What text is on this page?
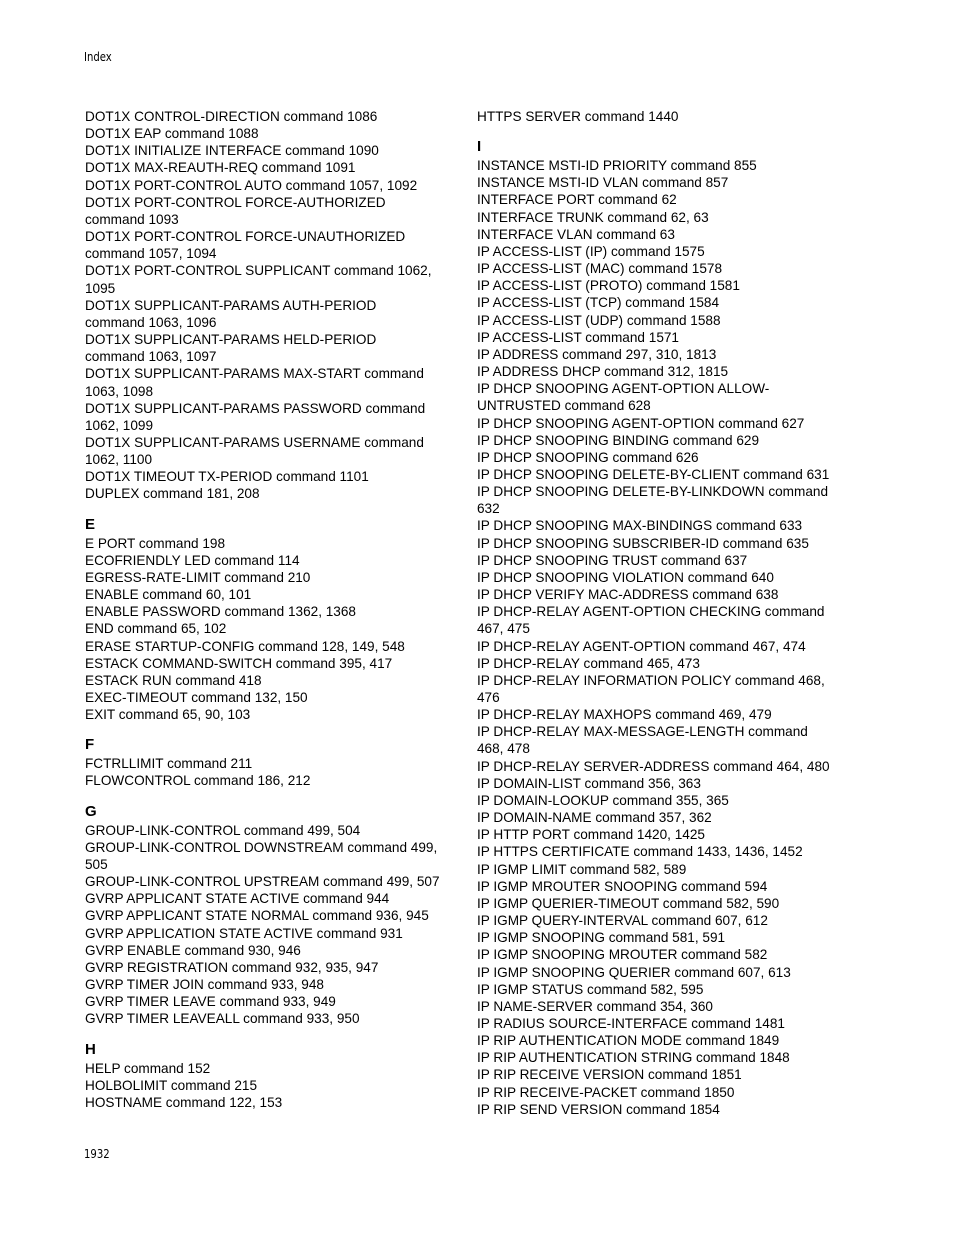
Index
DOT1X CONTROL-DIRECTION command 1086
DOT1X EAP command 1088
DOT1X INITIALIZE INTERFACE command 1090
DOT1X MAX-REAUTH-REQ command 1091
DOT1X PORT-CONTROL AUTO command 1057, 1092
DOT1X PORT-CONTROL FORCE-AUTHORIZED
command 1093
DOT1X PORT-CONTROL FORCE-UNAUTHORIZED
command 1057, 1094
DOT1X PORT-CONTROL SUPPLICANT command 1062,
1095
DOT1X SUPPLICANT-PARAMS AUTH-PERIOD
command 1063, 1096
DOT1X SUPPLICANT-PARAMS HELD-PERIOD
command 1063, 1097
DOT1X SUPPLICANT-PARAMS MAX-START command
1063, 1098
DOT1X SUPPLICANT-PARAMS PASSWORD command
1062, 1099
DOT1X SUPPLICANT-PARAMS USERNAME command
1062, 1100
DOT1X TIMEOUT TX-PERIOD command 1101
DUPLEX command 181, 208
E
E PORT command 198
ECOFRIENDLY LED command 114
EGRESS-RATE-LIMIT command 210
ENABLE command 60, 101
ENABLE PASSWORD command 1362, 1368
END command 65, 102
ERASE STARTUP-CONFIG command 128, 149, 548
ESTACK COMMAND-SWITCH command 395, 417
ESTACK RUN command 418
EXEC-TIMEOUT command 132, 150
EXIT command 65, 90, 103
F
FCTRLLIMIT command 211
FLOWCONTROL command 186, 212
G
GROUP-LINK-CONTROL command 499, 504
GROUP-LINK-CONTROL DOWNSTREAM command 499,
505
GROUP-LINK-CONTROL UPSTREAM command 499, 507
GVRP APPLICANT STATE ACTIVE command 944
GVRP APPLICANT STATE NORMAL command 936, 945
GVRP APPLICATION STATE ACTIVE command 931
GVRP ENABLE command 930, 946
GVRP REGISTRATION command 932, 935, 947
GVRP TIMER JOIN command 933, 948
GVRP TIMER LEAVE command 933, 949
GVRP TIMER LEAVEALL command 933, 950
H
HELP command 152
HOLBOLIMIT command 215
HOSTNAME command 122, 153
HTTPS SERVER command 1440
I
INSTANCE MSTI-ID PRIORITY command 855
INSTANCE MSTI-ID VLAN command 857
INTERFACE PORT command 62
INTERFACE TRUNK command 62, 63
INTERFACE VLAN command 63
IP ACCESS-LIST (IP) command 1575
IP ACCESS-LIST (MAC) command 1578
IP ACCESS-LIST (PROTO) command 1581
IP ACCESS-LIST (TCP) command 1584
IP ACCESS-LIST (UDP) command 1588
IP ACCESS-LIST command 1571
IP ADDRESS command 297, 310, 1813
IP ADDRESS DHCP command 312, 1815
IP DHCP SNOOPING AGENT-OPTION ALLOW-
UNTRUSTED command 628
IP DHCP SNOOPING AGENT-OPTION command 627
IP DHCP SNOOPING BINDING command 629
IP DHCP SNOOPING command 626
IP DHCP SNOOPING DELETE-BY-CLIENT command 631
IP DHCP SNOOPING DELETE-BY-LINKDOWN command
632
IP DHCP SNOOPING MAX-BINDINGS command 633
IP DHCP SNOOPING SUBSCRIBER-ID command 635
IP DHCP SNOOPING TRUST command 637
IP DHCP SNOOPING VIOLATION command 640
IP DHCP VERIFY MAC-ADDRESS command 638
IP DHCP-RELAY AGENT-OPTION CHECKING command
467, 475
IP DHCP-RELAY AGENT-OPTION command 467, 474
IP DHCP-RELAY command 465, 473
IP DHCP-RELAY INFORMATION POLICY command 468,
476
IP DHCP-RELAY MAXHOPS command 469, 479
IP DHCP-RELAY MAX-MESSAGE-LENGTH command
468, 478
IP DHCP-RELAY SERVER-ADDRESS command 464, 480
IP DOMAIN-LIST command 356, 363
IP DOMAIN-LOOKUP command 355, 365
IP DOMAIN-NAME command 357, 362
IP HTTP PORT command 1420, 1425
IP HTTPS CERTIFICATE command 1433, 1436, 1452
IP IGMP LIMIT command 582, 589
IP IGMP MROUTER SNOOPING command 594
IP IGMP QUERIER-TIMEOUT command 582, 590
IP IGMP QUERY-INTERVAL command 607, 612
IP IGMP SNOOPING command 581, 591
IP IGMP SNOOPING MROUTER command 582
IP IGMP SNOOPING QUERIER command 607, 613
IP IGMP STATUS command 582, 595
IP NAME-SERVER command 354, 360
IP RADIUS SOURCE-INTERFACE command 1481
IP RIP AUTHENTICATION MODE command 1849
IP RIP AUTHENTICATION STRING command 1848
IP RIP RECEIVE VERSION command 1851
IP RIP RECEIVE-PACKET command 1850
IP RIP SEND VERSION command 1854
1932
